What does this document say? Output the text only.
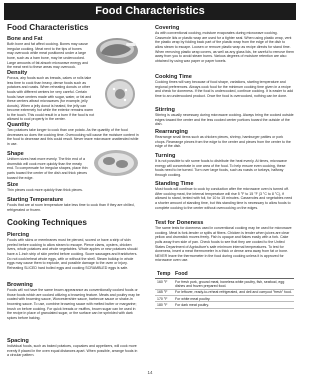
Food Characteristics
Food Characteristics
Bone and Fat

Both bone and fat affect cooking. Bones may cause irregular cooking. Meat next to the tips of bones may overcook while meat positioned under a large bone, such as a ham bone, may be undercooked. Large amounts of fat absorb microwave energy and the meat next to these areas may overcook.

Density

Porous, airy foods such as breads, cakes or rolls take less time to cook than heavy, dense foods such as potatoes and roasts. When reheating donuts or other foods with different centers be very careful. Certain foods have centers made with sugar, water, or fat and these centers attract microwaves (for example, jelly donuts). When a jelly donut is heated, the jelly can become extremely hot while the exterior remains warm to the touch. This could result in a burn if the food is not allowed to cool properly in the center.

Quantity

Two potatoes take longer to cook than one potato. As the quantity of the food decreases so does the cooking time. Overcooking will cause the moisture content in the food to decrease and this could result. Never leave microwave unattended while in use.

Shape

Uniform sizes heat more evenly. The thin end of a drumstick will cook more quickly than the meaty end. To compensate for irregular shapes, place thin parts toward the center of the dish and thick pieces toward the edge.

Size

Thin pieces cook more quickly than thick pieces.

Starting Temperature

Foods that are at room temperature take less time to cook than if they are chilled, refrigerated or frozen.

Cooking Techniques
Piercing

Foods with skins or membranes must be pierced, scored or have a strip of skin peeled before cooking to allow steam to escape. Pierce clams, oysters, chicken livers, whole potatoes and whole vegetables. Whole apples or new potatoes should have a 1-inch strip of skin peeled before cooking. Score sausages and frankfurters. Do not cook/reheat whole eggs, with or without the shell. Steam buildup in whole eggs may cause them to explode, and possible damage to the oven or injury. Reheating SLICED hard boiled eggs and cooking SCRAMBLED eggs is safe.

Browning

Foods will not have the same brown appearance as conventionally cooked foods or those foods which are cooked utilizing a browning feature. Meats and poultry may be coated with browning sauce, Worcestershire sauce, barbecue sauce or shake-in browning sauce. To use, combine browning sauce with melted butter or margarine; brush on before cooking. For quick breads or muffins, brown sugar can be used in the recipe in place of granulated sugar, or the surface can be sprinkled with dark spices before baking.

Spacing

Individual foods, such as baked potatoes, cupcakes and appetizers, will cook more evenly if placed in the oven equal distances apart. When possible, arrange foods in a circular pattern.

Covering

As with conventional cooking, moisture evaporates during microwave cooking. Casserole lids or plastic wrap are used for a tighter seal. When using plastic wrap, vent the plastic wrap by folding back part of the plastic wrap from the edge of the dish to allow steam to escape. Loosen or remove plastic wrap as recipe directs for stand time. When removing plastic wrap covers, as well as any glass lids, be careful to remove them away from you to avoid steam burns. Various degrees of moisture retention are also obtained by using wax paper or paper towels.

Cooking Time

Cooking times will vary because of food shape, variations, starting temperature and regional preferences. Always cook food for the minimum cooking time given in a recipe and check for doneness. If the food is undercooked, continue cooking. It is easier to add time to an undercooked product. Once the food is overcooked, nothing can be done.

Stirring

Stirring is usually necessary during microwave cooking. Always bring the cooked outside edges toward the center and the less cooked center portions toward the outside of the dish.

Rearranging

Rearrange small items such as chicken pieces, shrimp, hamburger patties or pork chops. Rearrange pieces from the edge to the center and pieces from the center to the edge of the dish.

Turning

It is not possible to stir some foods to distribute the heat evenly. At times, microwave energy will concentrate in one area of the food. To help ensure even cooking, these foods need to be turned. Turn over large foods, such as roasts or turkeys, halfway through cooking.

Standing Time

Most foods will continue to cook by conduction after the microwave oven is turned off. After cooking meat, the internal temperature will rise 5 °F to 15 °F (3 °C to 8 °C), if allowed to stand, tented with foil, for 10 to 15 minutes. Casseroles and vegetables need a shorter amount of standing time, but this standing time is necessary to allow foods to complete cooking to the center without overcooking on the edges.

Test for Doneness

The same tests for doneness used in conventional cooking may be used for microwave cooking. Meat is fork-tender or splits at fibers. Chicken is tender when juices are clear yellow and drumstick moves freely. Fish is opaque and flakes easily with a fork. Cake pulls away from side of pan. Check foods to see that they are cooked to the United States Department of Agriculture's safe minimum internal temperatures. To test for doneness, insert a meat thermometer in a thick or dense area away from fat or bone. NEVER leave the thermometer in the food during cooking unless it is approved for microwave oven use.

Temp	Food
160 °F	For fresh pork, ground meat, boneless white poultry, fish, seafood, egg dishes and frozen prepared food.
165 °F	For leftover, ready-to-reheat refrigerated, and deli and carryout "fresh" food.
170 °F	For white meat poultry.
180 °F	For dark meat poultry.
14
